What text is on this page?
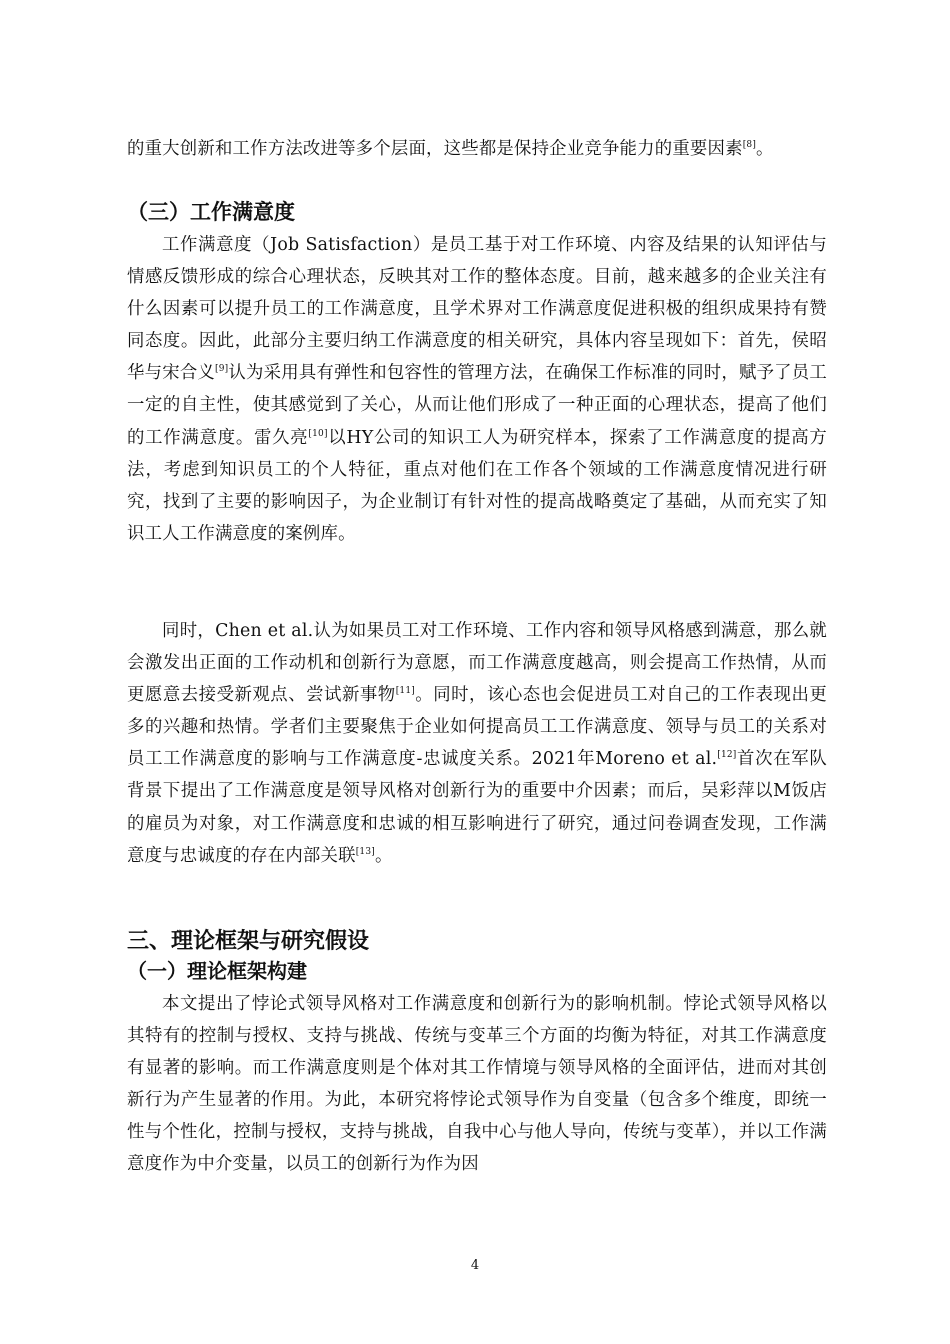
的重大创新和工作方法改进等多个层面，这些都是保持企业竞争能力的重要因素[8]。

（三）工作满意度

工作满意度（Job Satisfaction）是员工基于对工作环境、内容及结果的认知评估与情感反馈形成的综合心理状态，反映其对工作的整体态度。目前，越来越多的企业关注有什么因素可以提升员工的工作满意度，且学术界对工作满意度促进积极的组织成果持有赞同态度。因此，此部分主要归纳工作满意度的相关研究，具体内容呈现如下：首先，侯昭华与宋合义[9]认为采用具有弹性和包容性的管理方法，在确保工作标准的同时，赋予了员工一定的自主性，使其感觉到了关心，从而让他们形成了一种正面的心理状态，提高了他们的工作满意度。雷久亮[10]以HY公司的知识工人为研究样本，探索了工作满意度的提高方法，考虑到知识员工的个人特征，重点对他们在工作各个领域的工作满意度情况进行研究，找到了主要的影响因子，为企业制订有针对性的提高战略奠定了基础，从而充实了知识工人工作满意度的案例库。

同时，Chen et al.认为如果员工对工作环境、工作内容和领导风格感到满意，那么就会激发出正面的工作动机和创新行为意愿，而工作满意度越高，则会提高工作热情，从而更愿意去接受新观点、尝试新事物[11]。同时，该心态也会促进员工对自己的工作表现出更多的兴趣和热情。学者们主要聚焦于企业如何提高员工工作满意度、领导与员工的关系对员工工作满意度的影响与工作满意度-忠诚度关系。2021年Moreno et al.[12]首次在军队背景下提出了工作满意度是领导风格对创新行为的重要中介因素；而后，吴彩萍以M饭店的雇员为对象，对工作满意度和忠诚的相互影响进行了研究，通过问卷调查发现，工作满意度与忠诚度的存在内部关联[13]。

三、理论框架与研究假设
（一）理论框架构建

本文提出了悖论式领导风格对工作满意度和创新行为的影响机制。悖论式领导风格以其特有的控制与授权、支持与挑战、传统与变革三个方面的均衡为特征，对其工作满意度有显著的影响。而工作满意度则是个体对其工作情境与领导风格的全面评估，进而对其创新行为产生显著的作用。为此，本研究将悖论式领导作为自变量（包含多个维度，即统一性与个性化，控制与授权，支持与挑战，自我中心与他人导向，传统与变革），并以工作满意度作为中介变量，以员工的创新行为作为因

4
